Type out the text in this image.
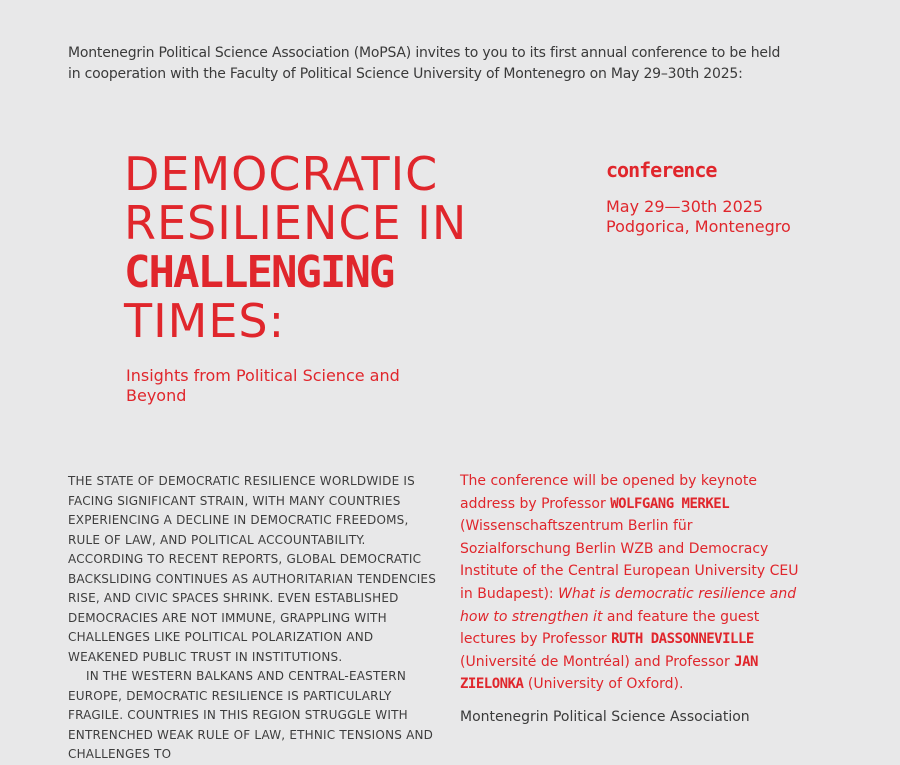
Montenegrin Political Science Association (MoPSA) invites to you to its first annual conference to be held in cooperation with the Faculty of Political Science University of Montenegro on May 29–30th 2025:
DEMOCRATIC
RESILIENCE IN
CHALLENGING
TIMES:
Insights from Political Science and Beyond
conference
May 29—30th 2025
Podgorica, Montenegro

THE STATE OF DEMOCRATIC RESILIENCE WORLDWIDE IS FACING SIGNIFICANT STRAIN, WITH MANY COUNTRIES EXPERIENCING A DECLINE IN DEMOCRATIC FREEDOMS, RULE OF LAW, AND POLITICAL ACCOUNTABILITY. ACCORDING TO RECENT REPORTS, GLOBAL DEMOCRATIC BACKSLIDING CONTINUES AS AUTHORITARIAN TENDENCIES RISE, AND CIVIC SPACES SHRINK. EVEN ESTABLISHED DEMOCRACIES ARE NOT IMMUNE, GRAPPLING WITH CHALLENGES LIKE POLITICAL POLARIZATION AND WEAKENED PUBLIC TRUST IN INSTITUTIONS.

IN THE WESTERN BALKANS AND CENTRAL-EASTERN EUROPE, DEMOCRATIC RESILIENCE IS PARTICULARLY FRAGILE. COUNTRIES IN THIS REGION STRUGGLE WITH ENTRENCHED WEAK RULE OF LAW, ETHNIC TENSIONS AND CHALLENGES TO

The conference will be opened by keynote address by Professor WOLFGANG MERKEL (Wissenschaftszentrum Berlin für Sozialforschung Berlin WZB and Democracy Institute of the Central European University CEU in Budapest): What is democratic resilience and how to strengthen it and feature the guest lectures by Professor RUTH DASSONNEVILLE (Université de Montréal) and Professor JAN ZIELONKA (University of Oxford).

Montenegrin Political Science Association
